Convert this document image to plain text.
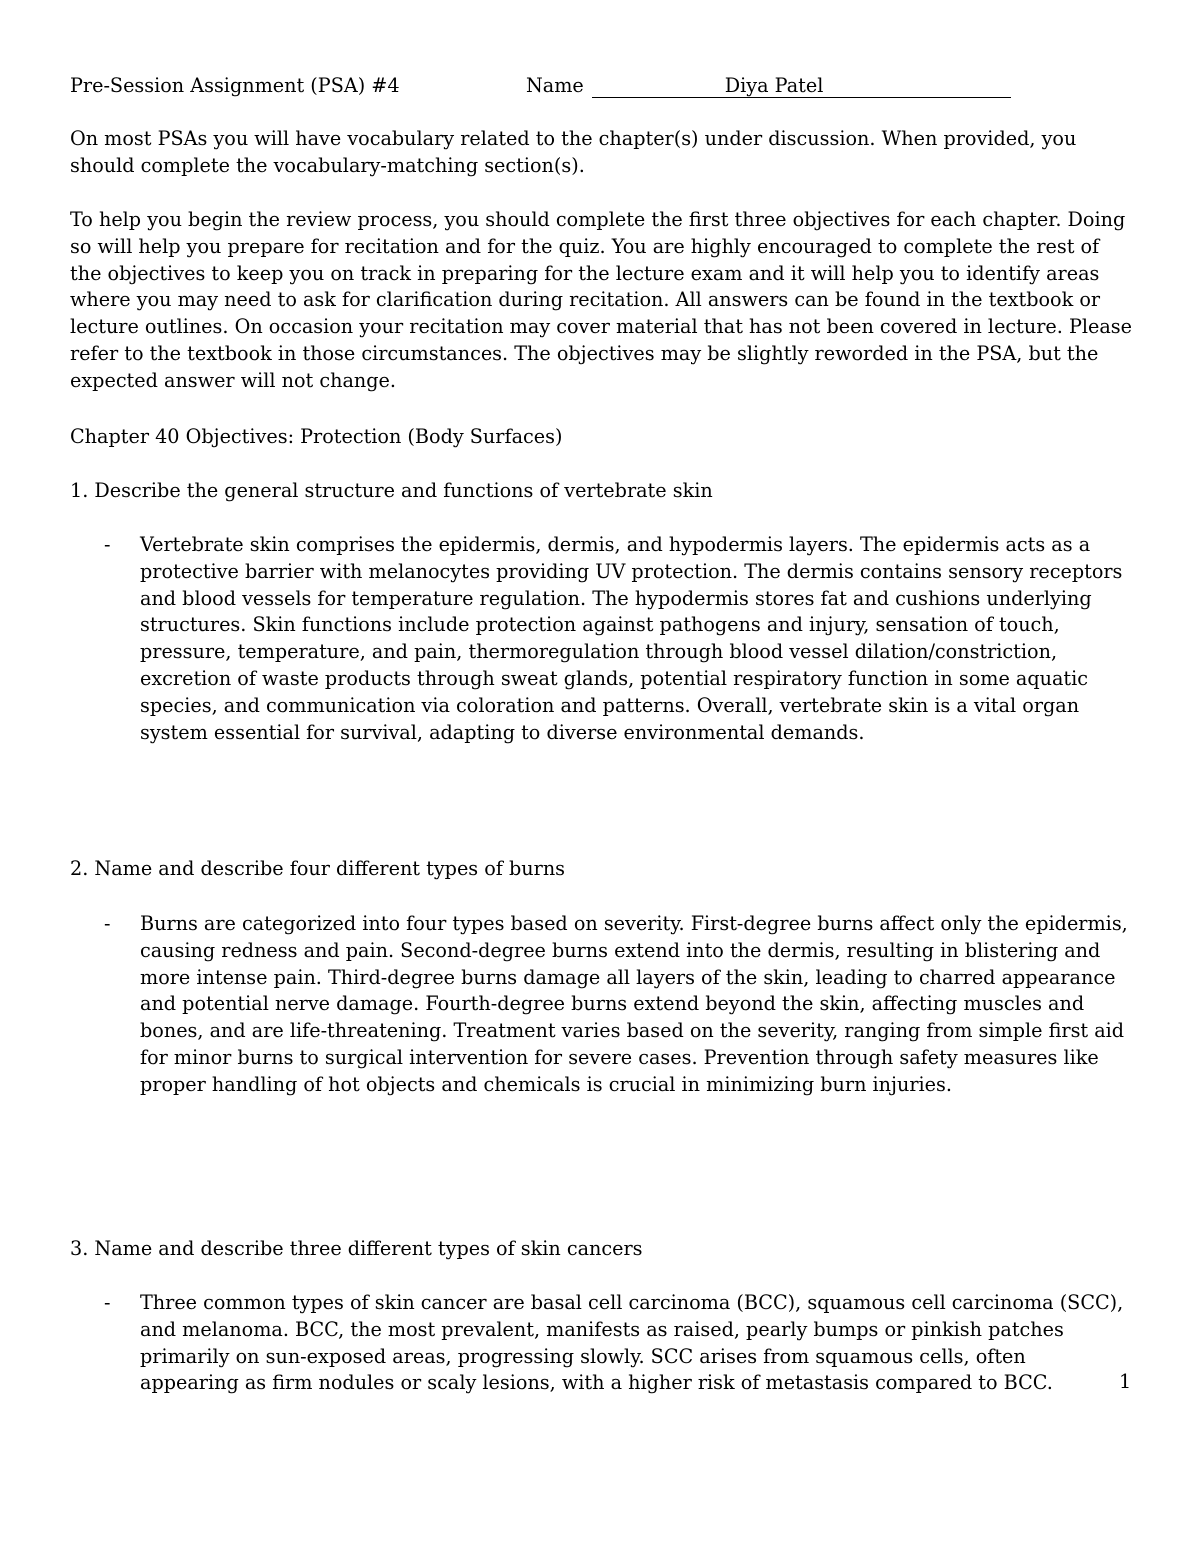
Pre-Session Assignment (PSA) #4	Name	Diya Patel

On most PSAs you will have vocabulary related to the chapter(s) under discussion. When provided, you should complete the vocabulary-matching section(s).

To help you begin the review process, you should complete the first three objectives for each chapter. Doing so will help you prepare for recitation and for the quiz. You are highly encouraged to complete the rest of the objectives to keep you on track in preparing for the lecture exam and it will help you to identify areas where you may need to ask for clarification during recitation. All answers can be found in the textbook or lecture outlines. On occasion your recitation may cover material that has not been covered in lecture. Please refer to the textbook in those circumstances. The objectives may be slightly reworded in the PSA, but the expected answer will not change.

Chapter 40 Objectives: Protection (Body Surfaces)

1. Describe the general structure and functions of vertebrate skin

-	Vertebrate skin comprises the epidermis, dermis, and hypodermis layers. The epidermis acts as a protective barrier with melanocytes providing UV protection. The dermis contains sensory receptors and blood vessels for temperature regulation. The hypodermis stores fat and cushions underlying structures. Skin functions include protection against pathogens and injury, sensation of touch, pressure, temperature, and pain, thermoregulation through blood vessel dilation/constriction, excretion of waste products through sweat glands, potential respiratory function in some aquatic species, and communication via coloration and patterns. Overall, vertebrate skin is a vital organ system essential for survival, adapting to diverse environmental demands.

2. Name and describe four different types of burns

-	Burns are categorized into four types based on severity. First-degree burns affect only the epidermis, causing redness and pain. Second-degree burns extend into the dermis, resulting in blistering and more intense pain. Third-degree burns damage all layers of the skin, leading to charred appearance and potential nerve damage. Fourth-degree burns extend beyond the skin, affecting muscles and bones, and are life-threatening. Treatment varies based on the severity, ranging from simple first aid for minor burns to surgical intervention for severe cases. Prevention through safety measures like proper handling of hot objects and chemicals is crucial in minimizing burn injuries.

3. Name and describe three different types of skin cancers

-	Three common types of skin cancer are basal cell carcinoma (BCC), squamous cell carcinoma (SCC), and melanoma. BCC, the most prevalent, manifests as raised, pearly bumps or pinkish patches primarily on sun-exposed areas, progressing slowly. SCC arises from squamous cells, often appearing as firm nodules or scaly lesions, with a higher risk of metastasis compared to BCC.	1
